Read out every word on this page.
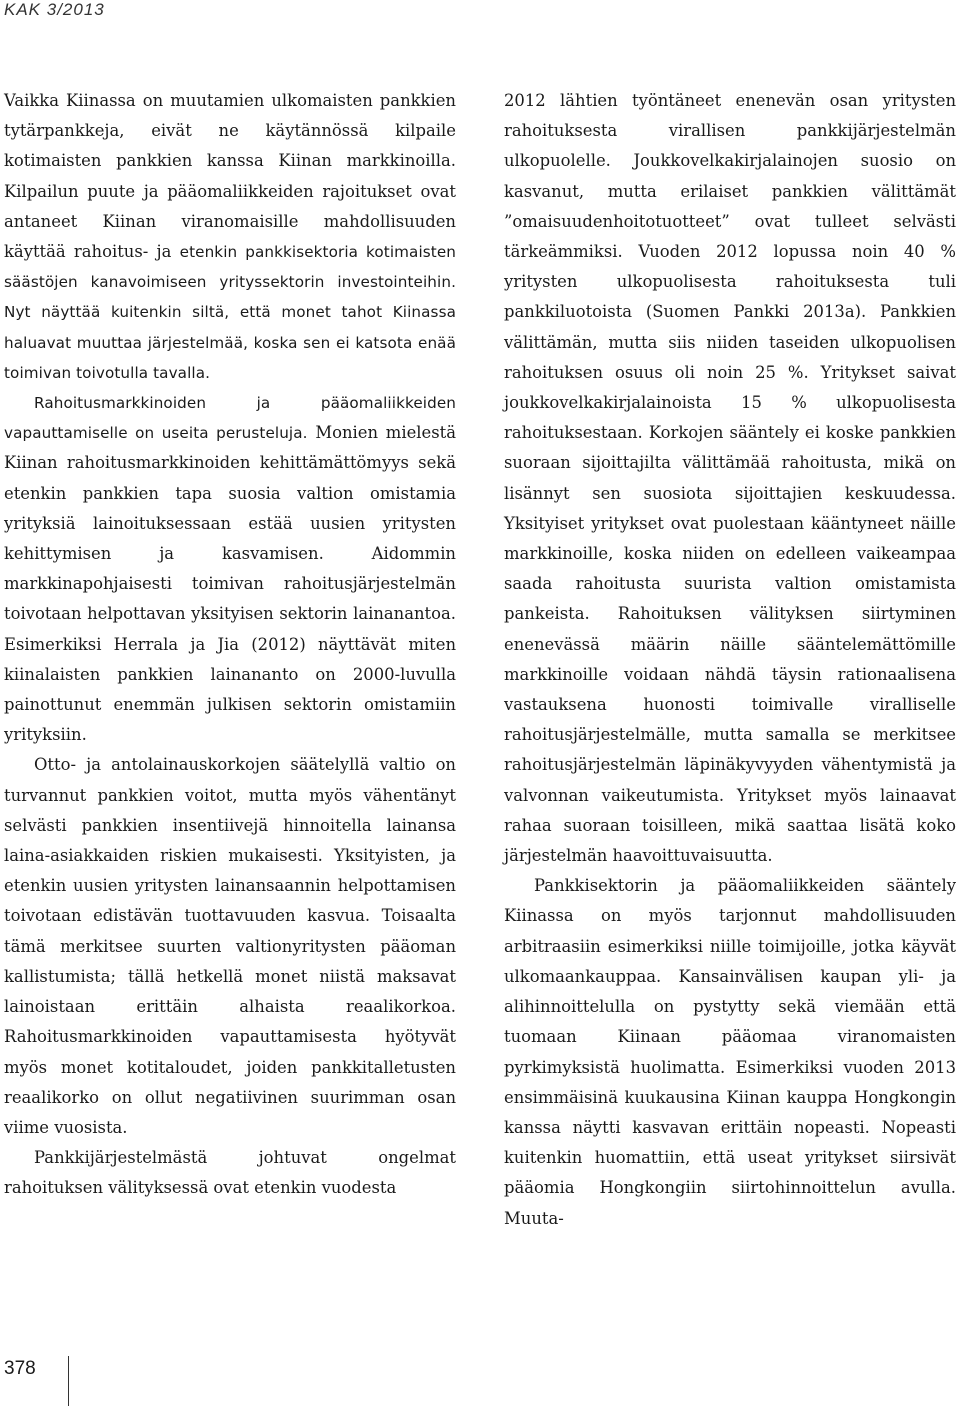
KAK 3/2013

Vaikka Kiinassa on muutamien ulkomaisten pankkien tytärpankkeja, eivät ne käytännössä kilpaile kotimaisten pankkien kanssa Kiinan markkinoilla. Kilpailun puute ja pääomaliikkeiden rajoitukset ovat antaneet Kiinan viranomaisille mahdollisuuden käyttää rahoitus- ja etenkin pankkisektoria kotimaisten säästöjen kanavoimiseen yrityssektorin investointeihin. Nyt näyttää kuitenkin siltä, että monet tahot Kiinassa haluavat muuttaa järjestelmää, koska sen ei katsota enää toimivan toivotulla tavalla.

Rahoitusmarkkinoiden ja pääomaliikkeiden vapauttamiselle on useita perusteluja. Monien mielestä Kiinan rahoitusmarkkinoiden kehittämättömyys sekä etenkin pankkien tapa suosia valtion omistamia yrityksiä lainoituksessaan estää uusien yritysten kehittymisen ja kasvamisen. Aidommin markkinapohjaisesti toimivan rahoitusjärjestelmän toivotaan helpottavan yksityisen sektorin lainanantoa. Esimerkiksi Herrala ja Jia (2012) näyttävät miten kiinalaisten pankkien lainananto on 2000-luvulla painottunut enemmän julkisen sektorin omistamiin yrityksiin.

Otto- ja antolainauskorkojen säätelyllä valtio on turvannut pankkien voitot, mutta myös vähentänyt selvästi pankkien insentiivejä hinnoitella lainansa laina-asiakkaiden riskien mukaisesti. Yksityisten, ja etenkin uusien yritysten lainansaannin helpottamisen toivotaan edistävän tuottavuuden kasvua. Toisaalta tämä merkitsee suurten valtionyritysten pääoman kallistumista; tällä hetkellä monet niistä maksavat lainoistaan erittäin alhaista reaalikorkoa. Rahoitusmarkkinoiden vapauttamisesta hyötyvät myös monet kotitaloudet, joiden pankkitalletusten reaalikorko on ollut negatiivinen suurimman osan viime vuosista.

Pankkijärjestelmästä johtuvat ongelmat rahoituksen välityksessä ovat etenkin vuodesta

2012 lähtien työntäneet enenevän osan yritysten rahoituksesta virallisen pankkijärjestelmän ulkopuolelle. Joukkovelkakirjalainojen suosio on kasvanut, mutta erilaiset pankkien välittämät ”omaisuudenhoitotuotteet” ovat tulleet selvästi tärkeämmiksi. Vuoden 2012 lopussa noin 40 % yritysten ulkopuolisesta rahoituksesta tuli pankkiluotoista (Suomen Pankki 2013a). Pankkien välittämän, mutta siis niiden taseiden ulkopuolisen rahoituksen osuus oli noin 25 %. Yritykset saivat joukkovelkakirjalainoista 15 % ulkopuolisesta rahoituksestaan. Korkojen sääntely ei koske pankkien suoraan sijoittajilta välittämää rahoitusta, mikä on lisännyt sen suosiota sijoittajien keskuudessa. Yksityiset yritykset ovat puolestaan kääntyneet näille markkinoille, koska niiden on edelleen vaikeampaa saada rahoitusta suurista valtion omistamista pankeista. Rahoituksen välityksen siirtyminen enenevässä määrin näille sääntelemättömille markkinoille voidaan nähdä täysin rationaalisena vastauksena huonosti toimivalle viralliselle rahoitusjärjestelmälle, mutta samalla se merkitsee rahoitusjärjestelmän läpinäkyvyyden vähentymistä ja valvonnan vaikeutumista. Yritykset myös lainaavat rahaa suoraan toisilleen, mikä saattaa lisätä koko järjestelmän haavoittuvaisuutta.

Pankkisektorin ja pääomaliikkeiden sääntely Kiinassa on myös tarjonnut mahdollisuuden arbitraasiin esimerkiksi niille toimijoille, jotka käyvät ulkomaankauppaa. Kansainvälisen kaupan yli- ja alihinnoittelulla on pystytty sekä viemään että tuomaan Kiinaan pääomaa viranomaisten pyrkimyksistä huolimatta. Esimerkiksi vuoden 2013 ensimmäisinä kuukausina Kiinan kauppa Hongkongin kanssa näytti kasvavan erittäin nopeasti. Nopeasti kuitenkin huomattiin, että useat yritykset siirsivät pääomia Hongkongiin siirtohinnoittelun avulla. Muuta-

378
